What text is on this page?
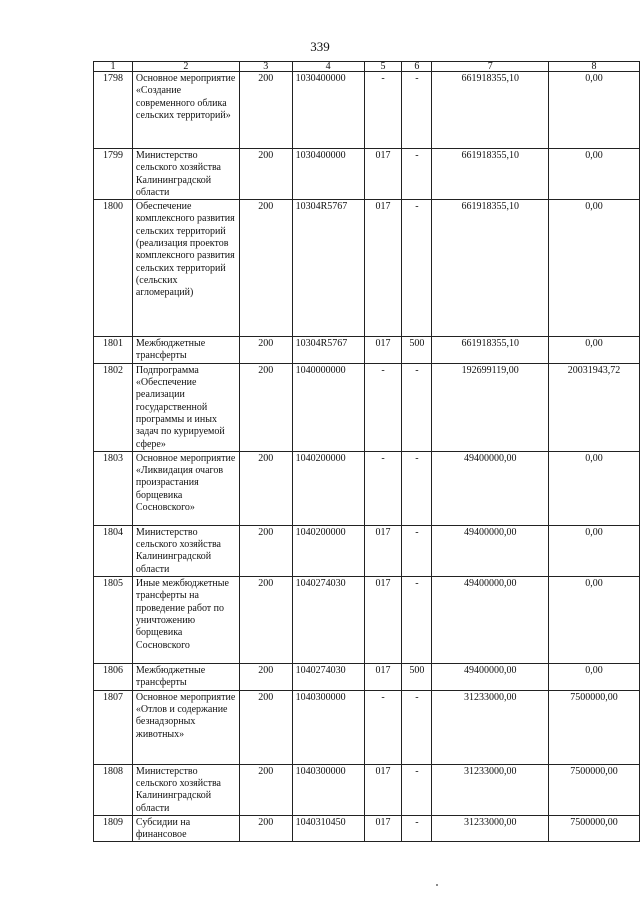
339
1	2	3	4	5	6	7	8
1798	Основное мероприятие «Создание современного облика сельских территорий»	200	1030400000	-	-	661918355,10	0,00
1799	Министерство сельского хозяйства Калининградской области	200	1030400000	017	-	661918355,10	0,00
1800	Обеспечение комплексного развития сельских территорий (реализация проектов комплексного развития сельских территорий (сельских агломераций)	200	10304R5767	017	-	661918355,10	0,00
1801	Межбюджетные трансферты	200	10304R5767	017	500	661918355,10	0,00
1802	Подпрограмма «Обеспечение реализации государственной программы и иных задач по курируемой сфере»	200	1040000000	-	-	192699119,00	20031943,72
1803	Основное мероприятие «Ликвидация очагов произрастания борщевика Сосновского»	200	1040200000	-	-	49400000,00	0,00
1804	Министерство сельского хозяйства Калининградской области	200	1040200000	017	-	49400000,00	0,00
1805	Иные межбюджетные трансферты на проведение работ по уничтожению борщевика Сосновского	200	1040274030	017	-	49400000,00	0,00
1806	Межбюджетные трансферты	200	1040274030	017	500	49400000,00	0,00
1807	Основное мероприятие «Отлов и содержание безнадзорных животных»	200	1040300000	-	-	31233000,00	7500000,00
1808	Министерство сельского хозяйства Калининградской области	200	1040300000	017	-	31233000,00	7500000,00
1809	Субсидии на финансовое	200	1040310450	017	-	31233000,00	7500000,00
